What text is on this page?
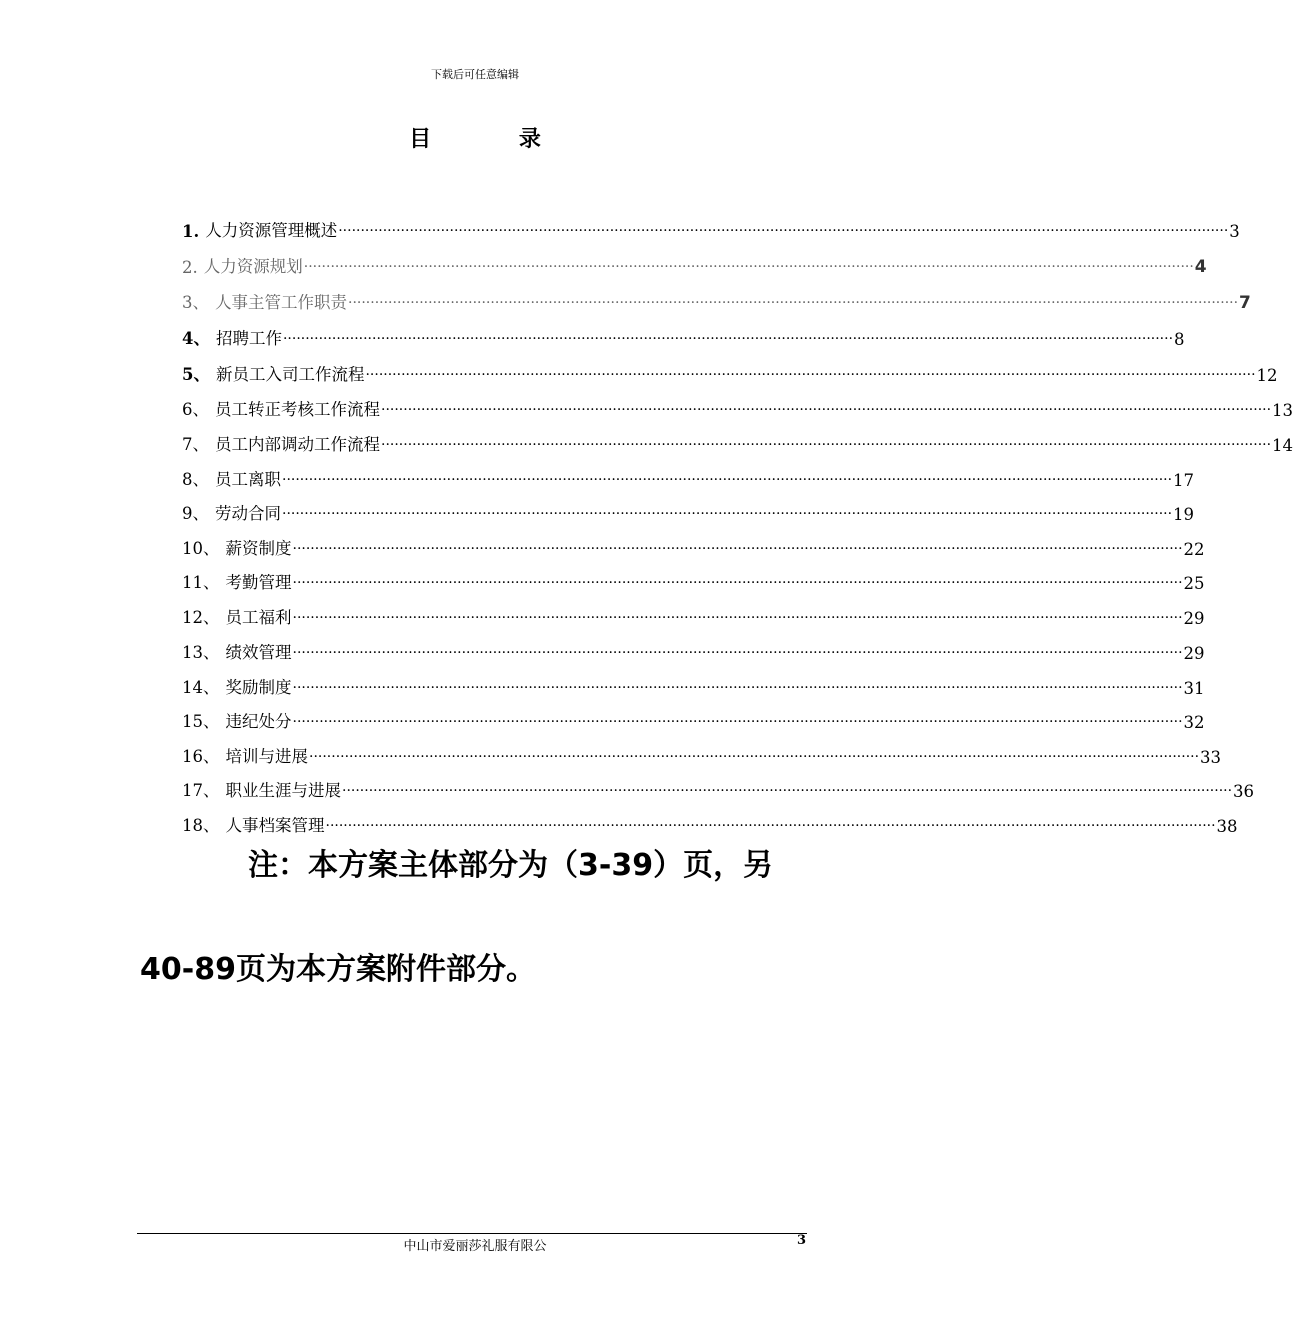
下载后可任意编辑
目 录
1. 人力资源管理概述 ········································································································································································································ 3
2. 人力资源规划 ········································································································································································································ 4
3、 人事主管工作职责 ········································································································································································································ 7
4、 招聘工作 ········································································································································································································ 8
5、 新员工入司工作流程 ········································································································································································································ 12
6、 员工转正考核工作流程 ········································································································································································································ 13
7、 员工内部调动工作流程 ········································································································································································································ 14
8、 员工离职 ········································································································································································································ 17
9、 劳动合同 ········································································································································································································ 19
10、 薪资制度 ········································································································································································································ 22
11、 考勤管理 ········································································································································································································ 25
12、 员工福利 ········································································································································································································ 29
13、 绩效管理 ········································································································································································································ 29
14、 奖励制度 ········································································································································································································ 31
15、 违纪处分 ········································································································································································································ 32
16、 培训与进展 ········································································································································································································ 33
17、 职业生涯与进展 ········································································································································································································ 36
18、 人事档案管理 ········································································································································································································ 38
注：本方案主体部分为（3-39）页，另
40-89页为本方案附件部分。
中山市爱丽莎礼服有限公	3
